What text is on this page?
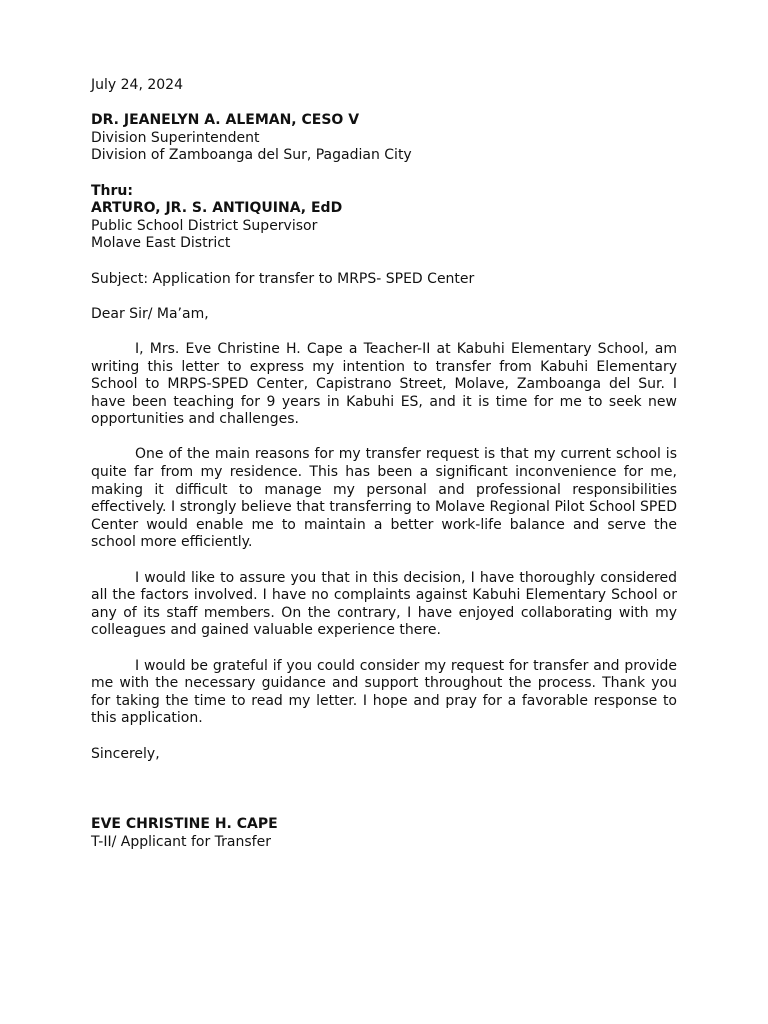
July 24, 2024
DR. JEANELYN A. ALEMAN, CESO V
Division Superintendent
Division of Zamboanga del Sur, Pagadian City
Thru:
ARTURO, JR. S. ANTIQUINA, EdD
Public School District Supervisor
Molave East District
Subject: Application for transfer to MRPS- SPED Center
Dear Sir/ Ma’am,

I, Mrs. Eve Christine H. Cape a Teacher-II at Kabuhi Elementary School, am writing this letter to express my intention to transfer from Kabuhi Elementary School to MRPS-SPED Center, Capistrano Street, Molave, Zamboanga del Sur. I have been teaching for 9 years in Kabuhi ES, and it is time for me to seek new opportunities and challenges.

One of the main reasons for my transfer request is that my current school is quite far from my residence. This has been a significant inconvenience for me, making it difficult to manage my personal and professional responsibilities effectively. I strongly believe that transferring to Molave Regional Pilot School SPED Center would enable me to maintain a better work-life balance and serve the school more efficiently.

I would like to assure you that in this decision, I have thoroughly considered all the factors involved. I have no complaints against Kabuhi Elementary School or any of its staff members. On the contrary, I have enjoyed collaborating with my colleagues and gained valuable experience there.

I would be grateful if you could consider my request for transfer and provide me with the necessary guidance and support throughout the process. Thank you for taking the time to read my letter. I hope and pray for a favorable response to this application.

Sincerely,
EVE CHRISTINE H. CAPE
T-II/ Applicant for Transfer
